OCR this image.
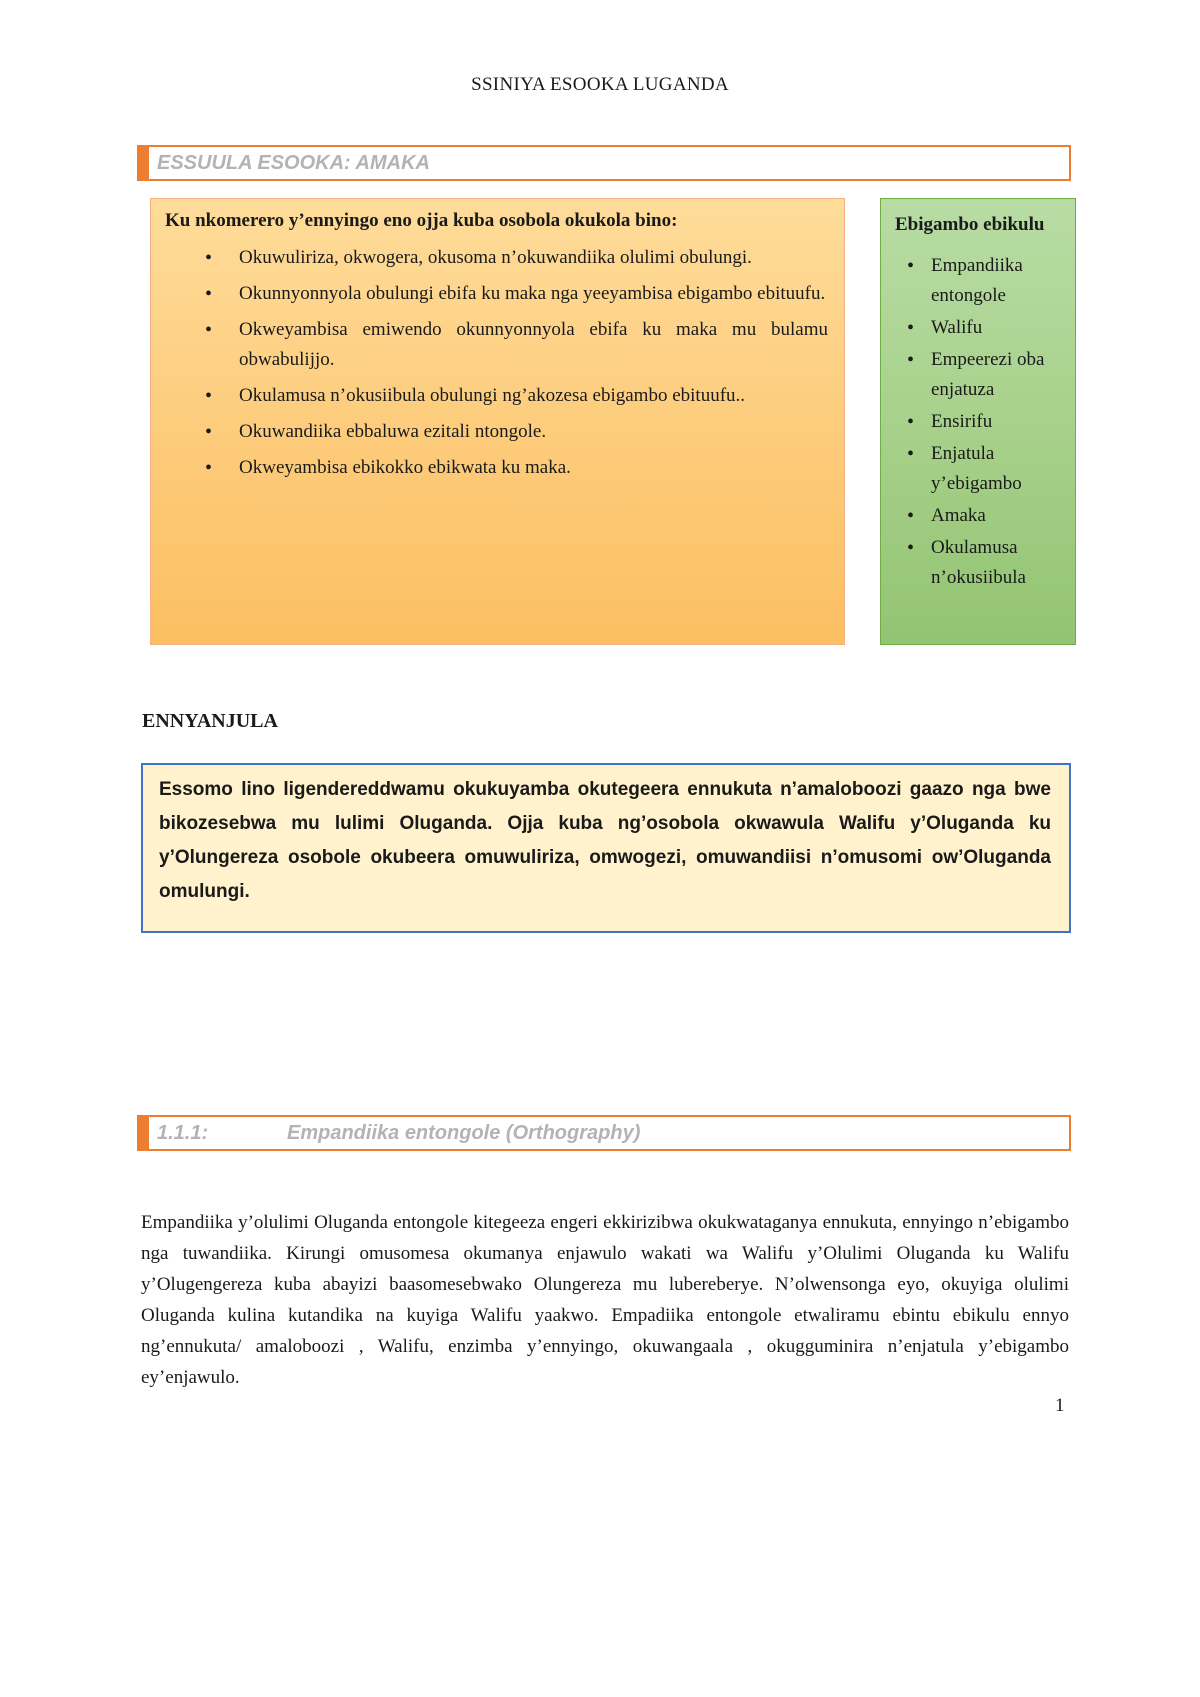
SSINIYA ESOOKA LUGANDA
ESSUULA ESOOKA: AMAKA

Ku nkomerero y’ennyingo eno ojja kuba osobola okukola bino:

• Okuwuliriza, okwogera, okusoma n’okuwandiika olulimi obulungi.
• Okunnyonnyola obulungi ebifa ku maka nga yeeyambisa ebigambo ebituufu.
• Okweyambisa emiwendo okunnyonnyola ebifa ku maka mu bulamu obwabulijjo.
• Okulamusa n’okusiibula obulungi ng’akozesa ebigambo ebituufu..
• Okuwandiika ebbaluwa ezitali ntongole.
• Okweyambisa ebikokko ebikwata ku maka.

Ebigambo ebikulu

• Empandiika entongole
• Walifu
• Empeerezi oba enjatuza
• Ensirifu
• Enjatula y’ebigambo
• Amaka
• Okulamusa n’okusiibula
ENNYANJULA
Essomo lino ligendereddwamu okukuyamba okutegeera ennukuta n’amaloboozi gaazo nga bwe bikozesebwa mu lulimi Oluganda. Ojja kuba ng’osobola okwawula Walifu y’Oluganda ku y’Olungereza osobole okubeera omuwuliriza, omwogezi, omuwandiisi n’omusomi ow’Oluganda omulungi.
1.1.1:	Empandiika entongole (Orthography)
Empandiika y’olulimi Oluganda entongole kitegeeza engeri ekkirizibwa okukwataganya ennukuta, ennyingo n’ebigambo nga tuwandiika. Kirungi omusomesa okumanya enjawulo wakati wa Walifu y’Olulimi Oluganda ku Walifu y’Olugengereza kuba abayizi baasomesebwako Olungereza mu lubereberye. N’olwensonga eyo, okuyiga olulimi Oluganda kulina kutandika na kuyiga Walifu yaakwo. Empadiika entongole etwaliramu ebintu ebikulu ennyo ng’ennukuta/ amaloboozi , Walifu, enzimba y’ennyingo, okuwangaala , okugguminira n’enjatula y’ebigambo ey’enjawulo.
1
